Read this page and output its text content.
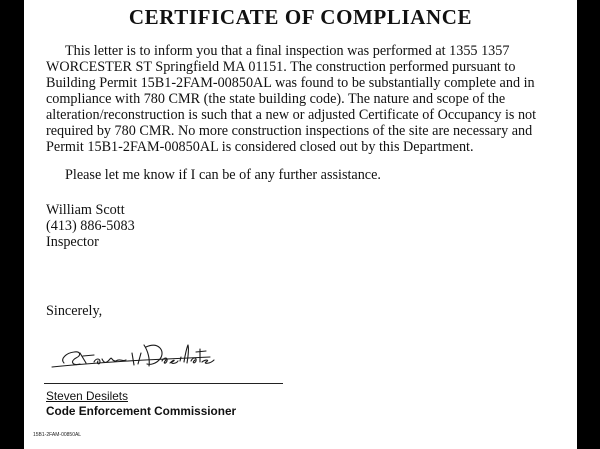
CERTIFICATE OF COMPLIANCE
This letter is to inform you that a final inspection was performed at 1355 1357
WORCESTER ST Springfield MA 01151. The construction performed pursuant to
Building Permit 15B1-2FAM-00850AL was found to be substantially complete and in
compliance with 780 CMR (the state building code). The nature and scope of the
alteration/reconstruction is such that a new or adjusted Certificate of Occupancy is not
required by 780 CMR. No more construction inspections of the site are necessary and
Permit 15B1-2FAM-00850AL is considered closed out by this Department.
Please let me know if I can be of any further assistance.
William Scott
(413) 886-5083
Inspector
Sincerely,
Steven Desilets
Code Enforcement Commissioner
15B1-2FAM-00850AL
